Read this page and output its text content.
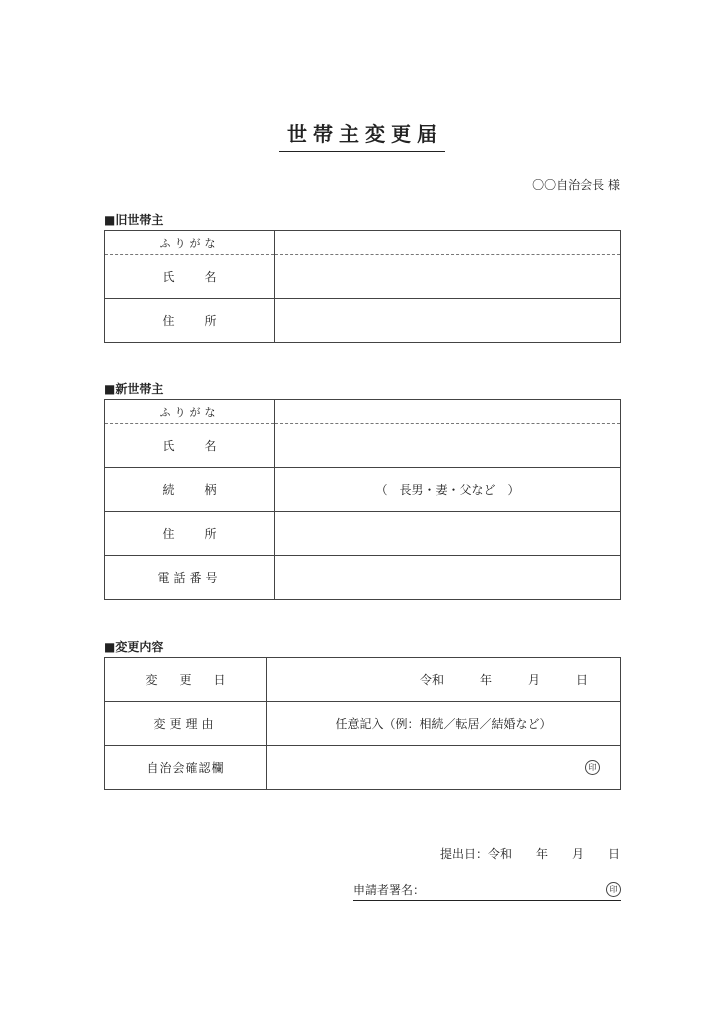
世帯主変更届
〇〇自治会長 様
■旧世帯主
ふりがな	
氏名	
住所	
■新世帯主
ふりがな	
氏名	
続柄	（　長男・妻・父など　）
住所	
電話番号	
■変更内容
変更日	令和　　　年　　　月　　　日
変更理由	任意記入（例：相続／転居／結婚など）
自治会確認欄	印
提出日：令和　　年　　月　　日
申請者署名：	印
